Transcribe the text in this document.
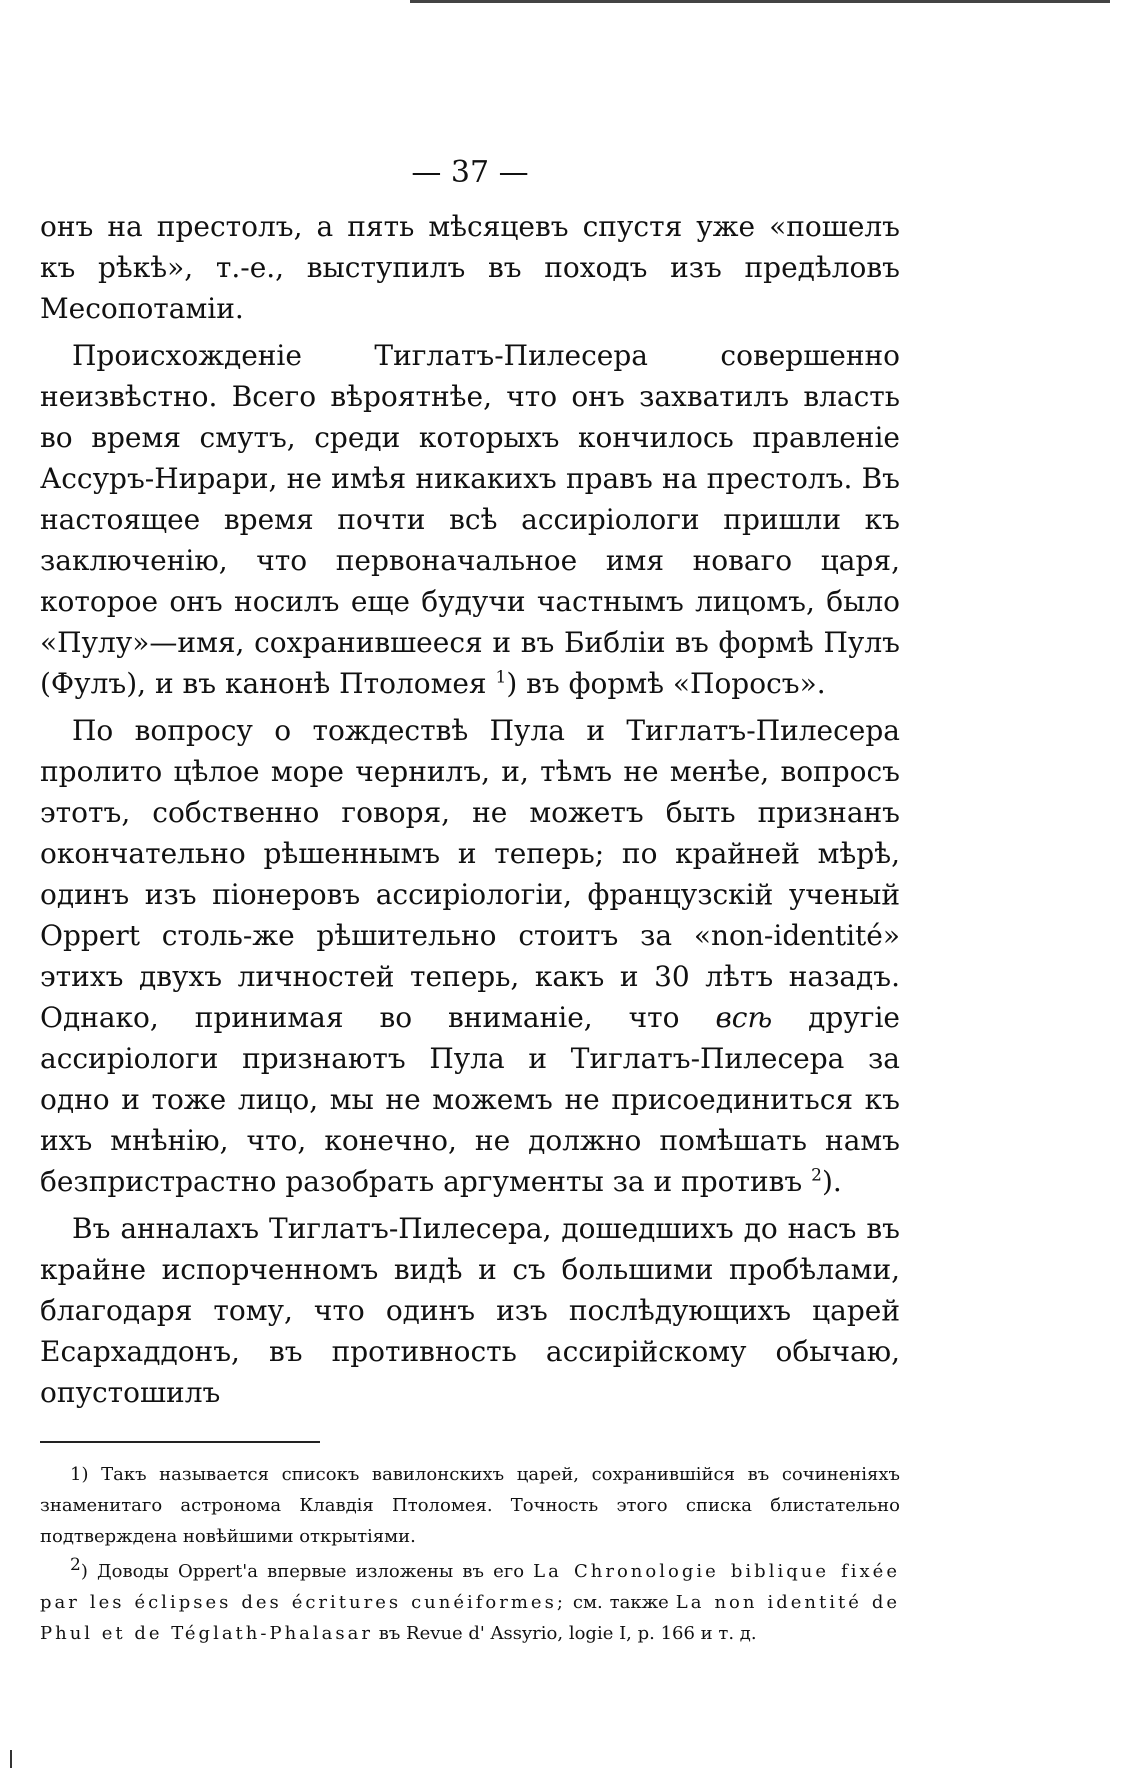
— 37 —

онъ на престолъ, а пять мѣсяцевъ спустя уже «пошелъ къ рѣкѣ», т.-е., выступилъ въ походъ изъ предѣловъ Месопотаміи.

Происхожденіе Тиглатъ-Пилесера совершенно неизвѣстно. Всего вѣроятнѣе, что онъ захватилъ власть во время смутъ, среди которыхъ кончилось правленіе Ассуръ-Нирари, не имѣя никакихъ правъ на престолъ. Въ настоящее время почти всѣ ассиріологи пришли къ заключенію, что первоначальное имя новаго царя, которое онъ носилъ еще будучи частнымъ лицомъ, было «Пулу»—имя, сохранившееся и въ Библіи въ формѣ Пулъ (Фулъ), и въ канонѣ Птоломея $^1$) въ формѣ «Поросъ».

По вопросу о тождествѣ Пула и Тиглатъ-Пилесера пролито цѣлое море чернилъ, и, тѣмъ не менѣе, вопросъ этотъ, собственно говоря, не можетъ быть признанъ окончательно рѣшеннымъ и теперь; по крайней мѣрѣ, одинъ изъ піонеровъ ассиріологіи, французскій ученый Oppert столь-же рѣшительно стоитъ за «non-identité» этихъ двухъ личностей теперь, какъ и 30 лѣтъ назадъ. Однако, принимая во вниманіе, что всѣ другіе ассиріологи признаютъ Пула и Тиглатъ-Пилесера за одно и тоже лицо, мы не можемъ не присоединиться къ ихъ мнѣнію, что, конечно, не должно помѣшать намъ безпристрастно разобрать аргументы за и противъ $^2$).

Въ анналахъ Тиглатъ-Пилесера, дошедшихъ до насъ въ крайне испорченномъ видѣ и съ большими пробѣлами, благодаря тому, что одинъ изъ послѣдующихъ царей Есархаддонъ, въ противность ассирійскому обычаю, опустошилъ

1) Такъ называется списокъ вавилонскихъ царей, сохранившійся въ сочиненіяхъ знаменитаго астронома Клавдія Птоломея. Точность этого списка блистательно подтверждена новѣйшими открытіями.

$^2$) Доводы Oppert'а впервые изложены въ его La Chronologie biblique fixée par les éclipses des écritures cunéiformes; см. также La non identité de Phul et de Téglath-Phalasar въ Revue d' Assyrio, logie I, p. 166 и т. д.
